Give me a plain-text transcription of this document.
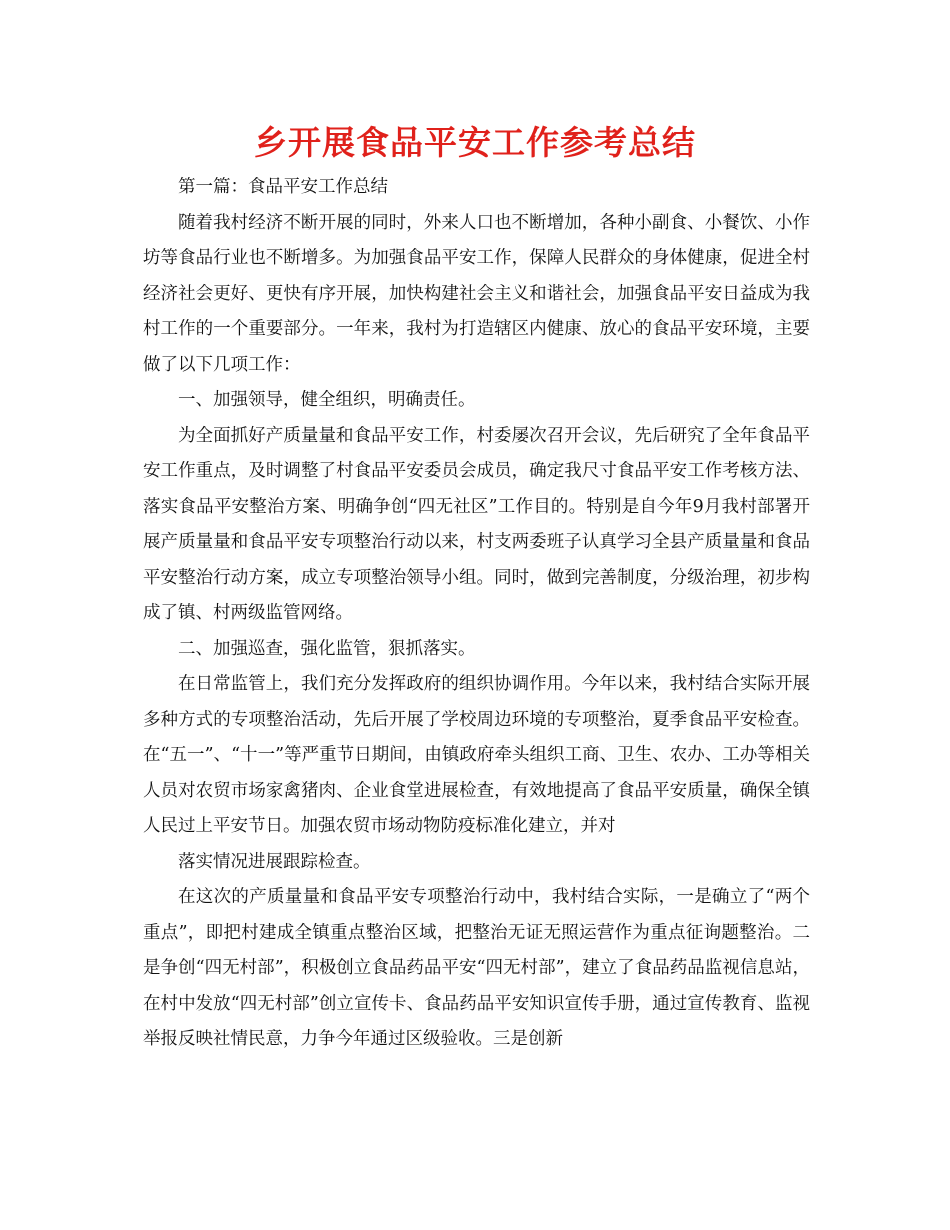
乡开展食品平安工作参考总结

第一篇：食品平安工作总结

随着我村经济不断开展的同时，外来人口也不断增加，各种小副食、小餐饮、小作坊等食品行业也不断增多。为加强食品平安工作，保障人民群众的身体健康，促进全村经济社会更好、更快有序开展，加快构建社会主义和谐社会，加强食品平安日益成为我村工作的一个重要部分。一年来，我村为打造辖区内健康、放心的食品平安环境，主要做了以下几项工作：

一、加强领导，健全组织，明确责任。

为全面抓好产质量量和食品平安工作，村委屡次召开会议，先后研究了全年食品平安工作重点，及时调整了村食品平安委员会成员，确定我尺寸食品平安工作考核方法、落实食品平安整治方案、明确争创“四无社区”工作目的。特别是自今年9月我村部署开展产质量量和食品平安专项整治行动以来，村支两委班子认真学习全县产质量量和食品平安整治行动方案，成立专项整治领导小组。同时，做到完善制度，分级治理，初步构成了镇、村两级监管网络。

二、加强巡查，强化监管，狠抓落实。

在日常监管上，我们充分发挥政府的组织协调作用。今年以来，我村结合实际开展多种方式的专项整治活动，先后开展了学校周边环境的专项整治，夏季食品平安检查。在“五一”、“十一”等严重节日期间，由镇政府牵头组织工商、卫生、农办、工办等相关人员对农贸市场家禽猪肉、企业食堂进展检查，有效地提高了食品平安质量，确保全镇人民过上平安节日。加强农贸市场动物防疫标准化建立，并对

落实情况进展跟踪检查。

在这次的产质量量和食品平安专项整治行动中，我村结合实际，一是确立了“两个重点”，即把村建成全镇重点整治区域，把整治无证无照运营作为重点征询题整治。二是争创“四无村部”，积极创立食品药品平安“四无村部”，建立了食品药品监视信息站，在村中发放“四无村部”创立宣传卡、食品药品平安知识宣传手册，通过宣传教育、监视举报反映社情民意，力争今年通过区级验收。三是创新
